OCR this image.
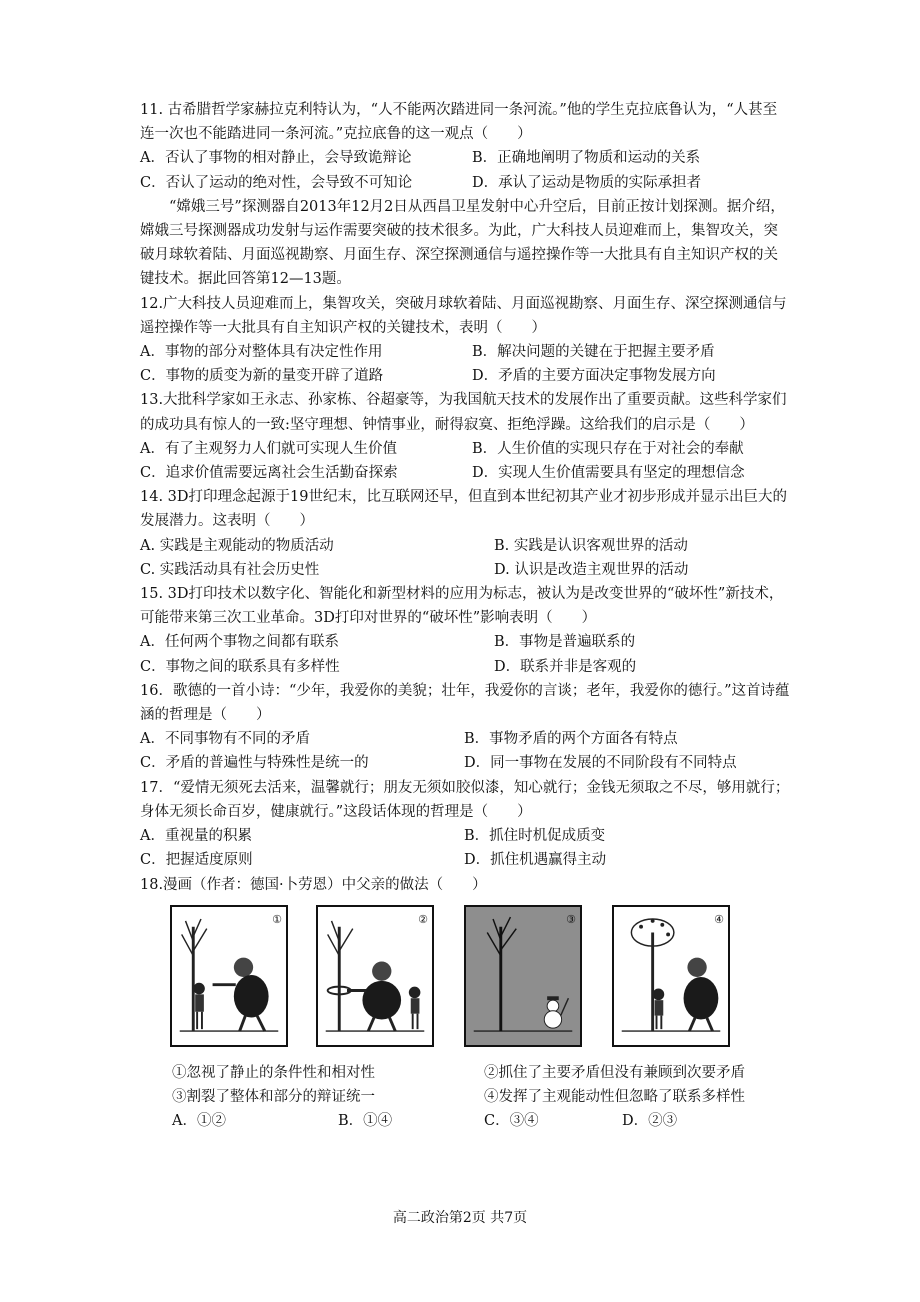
11. 古希腊哲学家赫拉克利特认为，“人不能两次踏进同一条河流。”他的学生克拉底鲁认为，“人甚至连一次也不能踏进同一条河流。”克拉底鲁的这一观点（　　）

A．否认了事物的相对静止，会导致诡辩论	B．正确地阐明了物质和运动的关系
C．否认了运动的绝对性，会导致不可知论	D．承认了运动是物质的实际承担者

“嫦娥三号”探测器自2013年12月2日从西昌卫星发射中心升空后，目前正按计划探测。据介绍，嫦娥三号探测器成功发射与运作需要突破的技术很多。为此，广大科技人员迎难而上，集智攻关，突破月球软着陆、月面巡视勘察、月面生存、深空探测通信与遥控操作等一大批具有自主知识产权的关键技术。据此回答第12—13题。

12.广大科技人员迎难而上，集智攻关，突破月球软着陆、月面巡视勘察、月面生存、深空探测通信与遥控操作等一大批具有自主知识产权的关键技术，表明（　　）

A．事物的部分对整体具有决定性作用	B．解决问题的关键在于把握主要矛盾
C．事物的质变为新的量变开辟了道路	D．矛盾的主要方面决定事物发展方向

13.大批科学家如王永志、孙家栋、谷超豪等，为我国航天技术的发展作出了重要贡献。这些科学家们的成功具有惊人的一致:坚守理想、钟情事业，耐得寂寞、拒绝浮躁。这给我们的启示是（　　）

A．有了主观努力人们就可实现人生价值	B．人生价值的实现只存在于对社会的奉献
C．追求价值需要远离社会生活勤奋探索	D．实现人生价值需要具有坚定的理想信念

14. 3D打印理念起源于19世纪末，比互联网还早，但直到本世纪初其产业才初步形成并显示出巨大的发展潜力。这表明（　　）

A. 实践是主观能动的物质活动	B. 实践是认识客观世界的活动
C. 实践活动具有社会历史性	D. 认识是改造主观世界的活动

15. 3D打印技术以数字化、智能化和新型材料的应用为标志，被认为是改变世界的“破坏性”新技术，可能带来第三次工业革命。3D打印对世界的“破坏性”影响表明（　　）

A．任何两个事物之间都有联系	B．事物是普遍联系的
C．事物之间的联系具有多样性	D．联系并非是客观的

16．歌德的一首小诗：“少年，我爱你的美貌；壮年，我爱你的言谈；老年，我爱你的德行。”这首诗蕴涵的哲理是（　　）

A．不同事物有不同的矛盾	B．事物矛盾的两个方面各有特点
C．矛盾的普遍性与特殊性是统一的	D．同一事物在发展的不同阶段有不同特点

17．“爱情无须死去活来，温馨就行；朋友无须如胶似漆，知心就行；金钱无须取之不尽，够用就行；身体无须长命百岁，健康就行。”这段话体现的哲理是（　　）

A．重视量的积累	B．抓住时机促成质变
C．把握适度原则	D．抓住机遇赢得主动

18.漫画（作者：德国·卜劳恩）中父亲的做法（　　）

①	②	③	④
①忽视了静止的条件性和相对性	②抓住了主要矛盾但没有兼顾到次要矛盾
③割裂了整体和部分的辩证统一	④发挥了主观能动性但忽略了联系多样性
A．①②	B．①④	C．③④	D．②③
高二政治第2页 共7页
